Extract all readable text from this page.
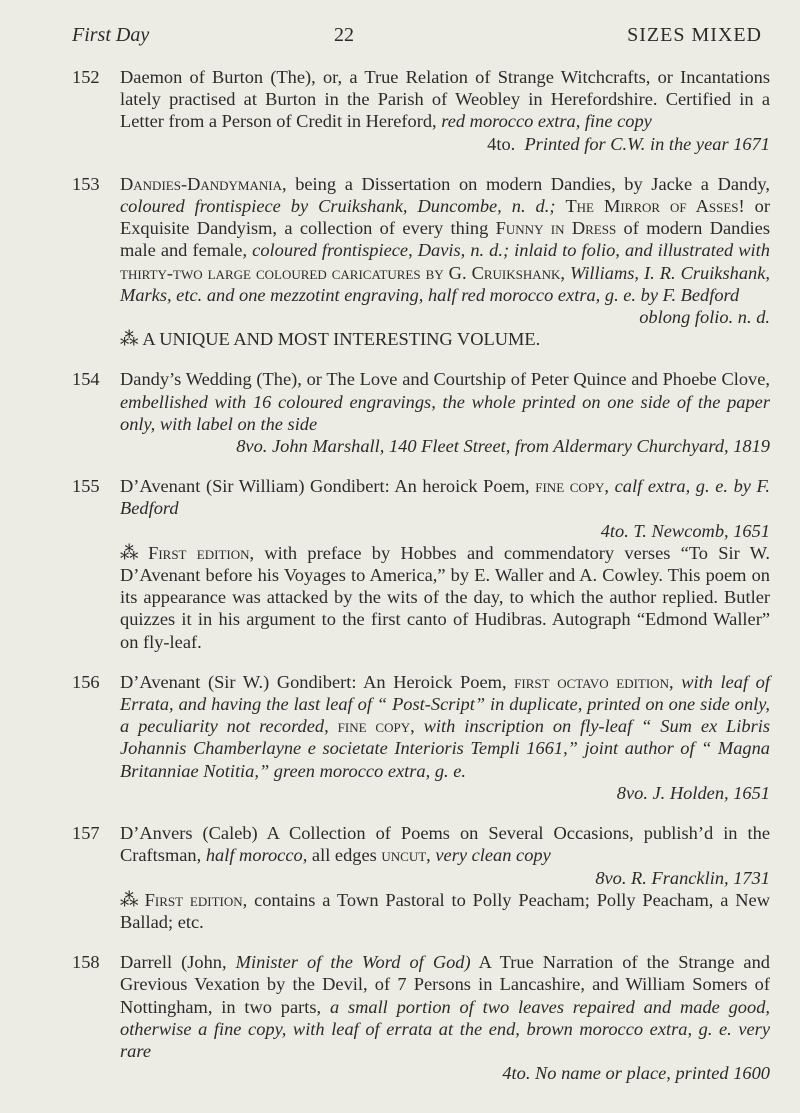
First Day	22	SIZES MIXED
152 Daemon of Burton (The), or, a True Relation of Strange Witchcrafts, or Incantations lately practised at Burton in the Parish of Weobley in Herefordshire. Certified in a Letter from a Person of Credit in Hereford, red morocco extra, fine copy

4to. Printed for C.W. in the year 1671

153 Dandies-Dandymania, being a Dissertation on modern Dandies, by Jacke a Dandy, coloured frontispiece by Cruikshank, Duncombe, n. d.; The Mirror of Asses! or Exquisite Dandyism, a collection of every thing Funny in Dress of modern Dandies male and female, coloured frontispiece, Davis, n. d.; inlaid to folio, and illustrated with thirty-two large coloured caricatures by G. Cruikshank, Williams, I. R. Cruikshank, Marks, etc. and one mezzotint engraving, half red morocco extra, g. e. by F. Bedford

oblong folio. n. d.

⁂ A UNIQUE AND MOST INTERESTING VOLUME.

154 Dandy’s Wedding (The), or The Love and Courtship of Peter Quince and Phoebe Clove, embellished with 16 coloured engravings, the whole printed on one side of the paper only, with label on the side

8vo. John Marshall, 140 Fleet Street, from Aldermary Churchyard, 1819

155 D’Avenant (Sir William) Gondibert: An heroick Poem, fine copy, calf extra, g. e. by F. Bedford

4to. T. Newcomb, 1651

⁂ First edition, with preface by Hobbes and commendatory verses “To Sir W. D’Avenant before his Voyages to America,” by E. Waller and A. Cowley. This poem on its appearance was attacked by the wits of the day, to which the author replied. Butler quizzes it in his argument to the first canto of Hudibras. Autograph “Edmond Waller” on fly-leaf.

156 D’Avenant (Sir W.) Gondibert: An Heroick Poem, first octavo edition, with leaf of Errata, and having the last leaf of “ Post-Script” in duplicate, printed on one side only, a peculiarity not recorded, fine copy, with inscription on fly-leaf “ Sum ex Libris Johannis Chamberlayne e societate Interioris Templi 1661,” joint author of “ Magna Britanniae Notitia,” green morocco extra, g. e.

8vo. J. Holden, 1651

157 D’Anvers (Caleb) A Collection of Poems on Several Occasions, publish’d in the Craftsman, half morocco, all edges uncut, very clean copy

8vo. R. Francklin, 1731

⁂ First edition, contains a Town Pastoral to Polly Peacham; Polly Peacham, a New Ballad; etc.

158 Darrell (John, Minister of the Word of God) A True Narration of the Strange and Grevious Vexation by the Devil, of 7 Persons in Lancashire, and William Somers of Nottingham, in two parts, a small portion of two leaves repaired and made good, otherwise a fine copy, with leaf of errata at the end, brown morocco extra, g. e. very rare

4to. No name or place, printed 1600
